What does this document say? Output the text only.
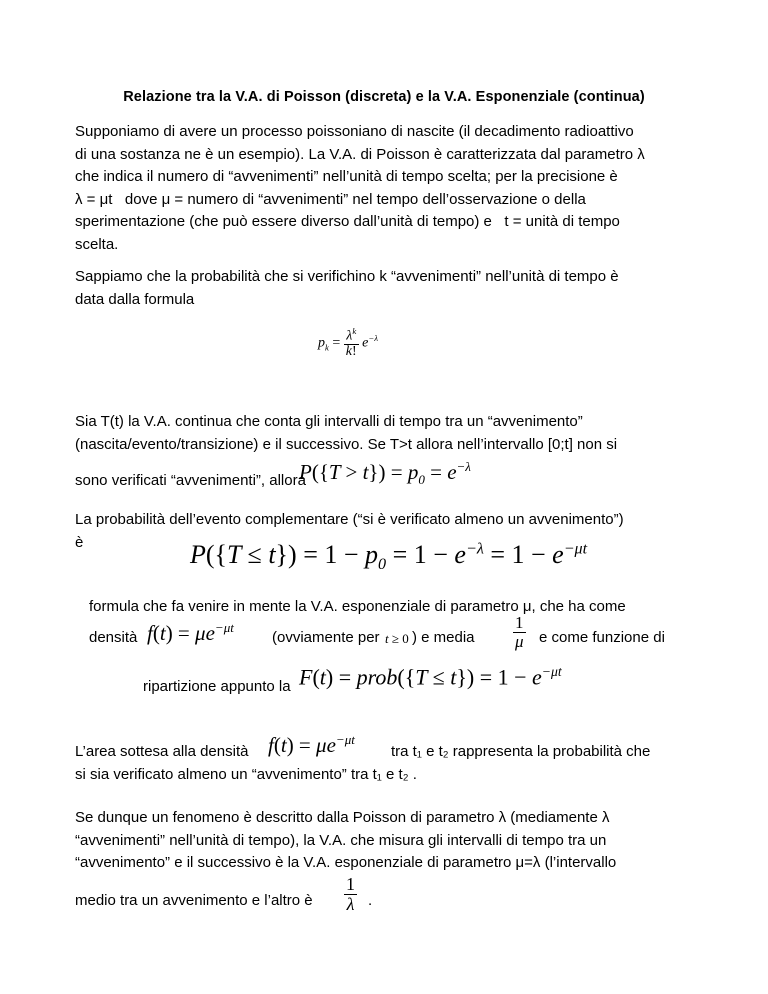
Relazione tra la V.A. di Poisson (discreta) e la V.A. Esponenziale (continua)
Supponiamo di avere un processo poissoniano di nascite (il decadimento radioattivo
di una sostanza ne è un esempio). La V.A. di Poisson è caratterizzata dal parametro λ
che indica il numero di “avvenimenti” nell’unità di tempo scelta; per la precisione è
λ = μt   dove μ = numero di “avvenimenti” nel tempo dell’osservazione o della
sperimentazione (che può essere diverso dall’unità di tempo) e   t = unità di tempo
scelta.
Sappiamo che la probabilità che si verifichino k “avvenimenti” nell’unità di tempo è
data dalla formula
$p_k = \frac{\lambda^k}{k!} e^{-\lambda}$
Sia T(t) la V.A. continua che conta gli intervalli di tempo tra un “avvenimento”
(nascita/evento/transizione) e il successivo. Se T>t allora nell’intervallo [0;t] non si
sono verificati “avvenimenti”, allora
$P(\{T > t\}) = p_0 = e^{-\lambda}$
La probabilità dell’evento complementare (“si è verificato almeno un avvenimento”)
è	$P(\{T \le t\}) = 1 - p_0 = 1 - e^{-\lambda} = 1 - e^{-\mu t}$
formula che fa venire in mente la V.A. esponenziale di parametro μ, che ha come
densità $f(t) = \mu e^{-\mu t}$
(ovviamente per t ≥ 0 ) e media $\frac{1}{\mu}$ e come funzione di
ripartizione appunto la F(t) = prob({T ≤ $t\}) = 1 - e^{-\mu t}$
L’area sottesa alla densità $f(t) = \mu e^{-\mu t}$
tra t₁ e t₂ rappresenta la probabilità che
si sia verificato almeno un “avvenimento” tra t₁ e t₂ .
Se dunque un fenomeno è descritto dalla Poisson di parametro λ (mediamente λ
“avvenimenti” nell’unità di tempo), la V.A. che misura gli intervalli di tempo tra un
“avvenimento” e il successivo è la V.A. esponenziale di parametro μ=λ (l’intervallo
medio tra un avvenimento e l’altro è $\frac{1}{\lambda}$ .
